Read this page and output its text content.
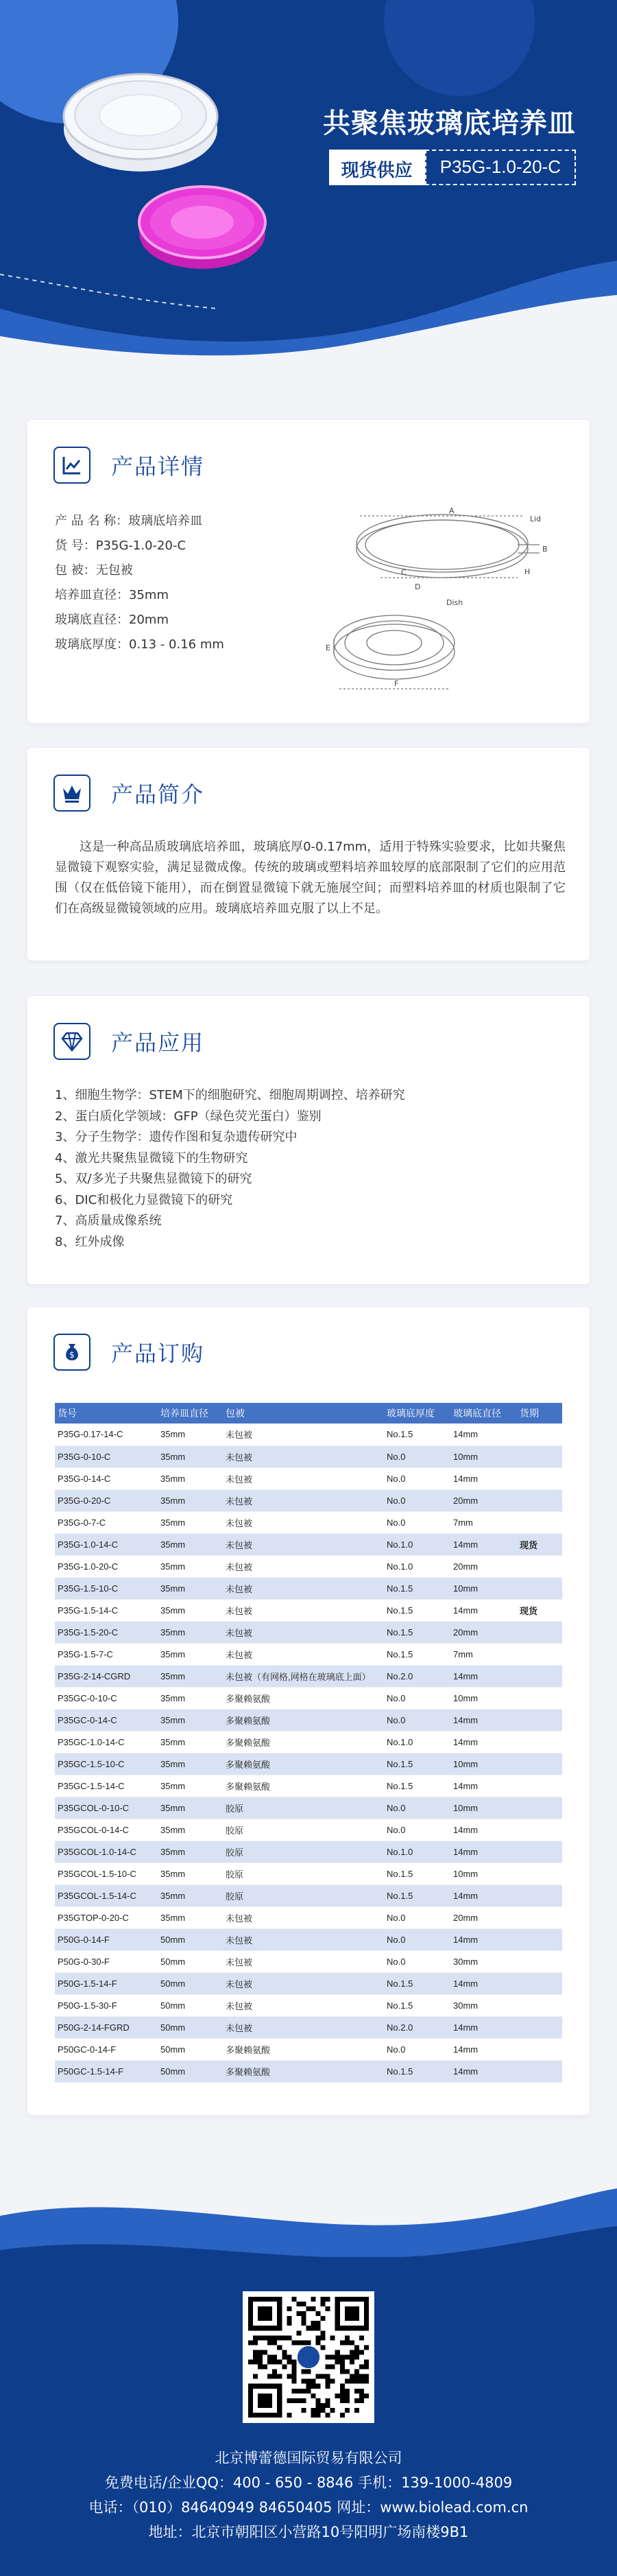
共聚焦玻璃底培养皿
现货供应	P35G-1.0-20-C
产品详情
产 品 名 称：玻璃底培养皿
货 号：P35G-1.0-20-C
包 被：无包被
培养皿直径：35mm
玻璃底直径：20mm
玻璃底厚度：0.13 - 0.16 mm
Lid
Dish
A
B
C
D
E
F
H
产品简介

这是一种高品质玻璃底培养皿，玻璃底厚0-0.17mm，适用于特殊实验要求，比如共聚焦显微镜下观察实验，满足显微成像。传统的玻璃或塑料培养皿较厚的底部限制了它们的应用范围（仅在低倍镜下能用），而在倒置显微镜下就无施展空间；而塑料培养皿的材质也限制了它们在高级显微镜领域的应用。玻璃底培养皿克服了以上不足。

产品应用
1、细胞生物学：STEM下的细胞研究、细胞周期调控、培养研究
2、蛋白质化学领域：GFP（绿色荧光蛋白）鉴别
3、分子生物学：遗传作图和复杂遗传研究中
4、激光共聚焦显微镜下的生物研究
5、双/多光子共聚焦显微镜下的研究
6、DIC和极化力显微镜下的研究
7、高质量成像系统
8、红外成像
$ 产品订购
货号	培养皿直径	包被	玻璃底厚度	玻璃底直径	货期
P35G-0.17-14-C	35mm	未包被	No.1.5	14mm	
P35G-0-10-C	35mm	未包被	No.0	10mm	
P35G-0-14-C	35mm	未包被	No.0	14mm	
P35G-0-20-C	35mm	未包被	No.0	20mm	
P35G-0-7-C	35mm	未包被	No.0	7mm	
P35G-1.0-14-C	35mm	未包被	No.1.0	14mm	现货
P35G-1.0-20-C	35mm	未包被	No.1.0	20mm	
P35G-1.5-10-C	35mm	未包被	No.1.5	10mm	
P35G-1.5-14-C	35mm	未包被	No.1.5	14mm	现货
P35G-1.5-20-C	35mm	未包被	No.1.5	20mm	
P35G-1.5-7-C	35mm	未包被	No.1.5	7mm	
P35G-2-14-CGRD	35mm	未包被（有网格,网格在玻璃底上面）	No.2.0	14mm	
P35GC-0-10-C	35mm	多聚赖氨酸	No.0	10mm	
P35GC-0-14-C	35mm	多聚赖氨酸	No.0	14mm	
P35GC-1.0-14-C	35mm	多聚赖氨酸	No.1.0	14mm	
P35GC-1.5-10-C	35mm	多聚赖氨酸	No.1.5	10mm	
P35GC-1.5-14-C	35mm	多聚赖氨酸	No.1.5	14mm	
P35GCOL-0-10-C	35mm	胶原	No.0	10mm	
P35GCOL-0-14-C	35mm	胶原	No.0	14mm	
P35GCOL-1.0-14-C	35mm	胶原	No.1.0	14mm	
P35GCOL-1.5-10-C	35mm	胶原	No.1.5	10mm	
P35GCOL-1.5-14-C	35mm	胶原	No.1.5	14mm	
P35GTOP-0-20-C	35mm	未包被	No.0	20mm	
P50G-0-14-F	50mm	未包被	No.0	14mm	
P50G-0-30-F	50mm	未包被	No.0	30mm	
P50G-1.5-14-F	50mm	未包被	No.1.5	14mm	
P50G-1.5-30-F	50mm	未包被	No.1.5	30mm	
P50G-2-14-FGRD	50mm	未包被	No.2.0	14mm	
P50GC-0-14-F	50mm	多聚赖氨酸	No.0	14mm	
P50GC-1.5-14-F	50mm	多聚赖氨酸	No.1.5	14mm	
北京博蕾德国际贸易有限公司
免费电话/企业QQ：400 - 650 - 8846 手机：139-1000-4809
电话：（010）84640949 84650405 网址：www.biolead.com.cn
地址：北京市朝阳区小营路10号阳明广场南楼9B1
